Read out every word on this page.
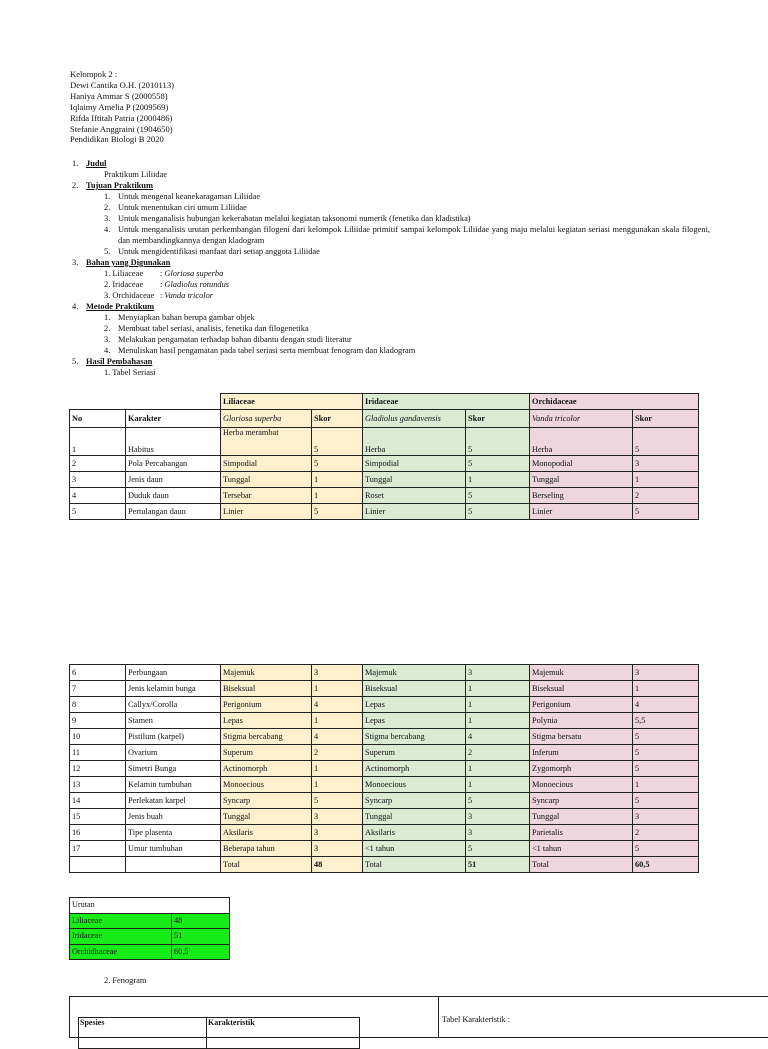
Kelompok 2 :
Dewi Cantika O.H. (2010113)
Haniya Ammar S (2000558)
Iqlaimy Amelia P (2009569)
Rifda Iftitah Patria (2000486)
Stefanie Anggraini (1904650)
Pendidikan Biologi B 2020
1. Judul
Praktikum Liliidae
2. Tujuan Praktikum
1. Untuk mengenal keanekaragaman Liliidae
2. Untuk menentukan ciri umum Liliidae
3. Untuk menganalisis hubungan kekerabatan melalui kegiatan taksonomi numerik (fenetika dan kladistika)
4. Untuk menganalisis urutan perkembangan filogeni dari kelompok Liliidae primitif sampai kelompok Liliidae yang maju melalui kegiatan seriasi menggunakan skala filogeni, dan membandingkannya dengan kladogram
5. Untuk mengidentifikasi manfaat dari setiap anggota Liliidae
3. Bahan yang Digunakan
1. Liliaceae : Gloriosa superba
2. Iridaceae : Gladiolus rotundus
3. Orchidaceae : Vanda tricolor
4. Metode Praktikum
1. Menyiapkan bahan berupa gambar objek
2. Membuat tabel seriasi, analisis, fenetika dan filogenetika
3. Melakukan pengamatan terhadap bahan dibantu dengan studi literatur
4. Menuliskan hasil pengamatan pada tabel seriasi serta membuat fenogram dan kladogram
5. Hasil Pembahasan
1. Tabel Seriasi
		Liliaceae		Iridaceae		Orchidaceae	
No	Karakter	Gloriosa superba	Skor	Gladiolus gandavensis	Skor	Vanda tricolor	Skor
1	Habitus	Herba merambat	5	Herba	5	Herba	5
2	Pola Percabangan	Simpodial	5	Simpodial	5	Monopodial	3
3	Jenis daun	Tunggal	1	Tunggal	1	Tunggal	1
4	Duduk daun	Tersebar	1	Roset	5	Berseling	2
5	Pertulangan daun	Linier	5	Linier	5	Linier	5
6	Perbungaan	Majemuk	3	Majemuk	3	Majemuk	3
7	Jenis kelamin bunga	Biseksual	1	Biseksual	1	Biseksual	1
8	Callyx/Corolla	Perigonium	4	Lepas	1	Perigonium	4
9	Stamen	Lepas	1	Lepas	1	Polynia	5,5
10	Pistilum (karpel)	Stigma bercabang	4	Stigma bercabang	4	Stigma bersatu	5
11	Ovarium	Superum	2	Superum	2	Inferum	5
12	Simetri Bunga	Actinomorph	1	Actinomorph	1	Zygomorph	5
13	Kelamin tumbuhan	Monoecious	1	Monoecious	1	Monoecious	1
14	Perlekatan karpel	Syncarp	5	Syncarp	5	Syncarp	5
15	Jenis buah	Tunggal	3	Tunggal	3	Tunggal	3
16	Tipe plasenta	Aksilaris	3	Aksilaris	3	Parietalis	2
17	Umur tumbuhan	Beberapa tahun	3	<1 tahun	5	<1 tahun	5
		Total	48	Total	51	Total	60,5
Urutan	
Liliaceae	48
Iridaceae	51
Orchidhaceae	60,5
2. Fenogram
Spesies	Karakteristik	Tabel Karakteristik :
